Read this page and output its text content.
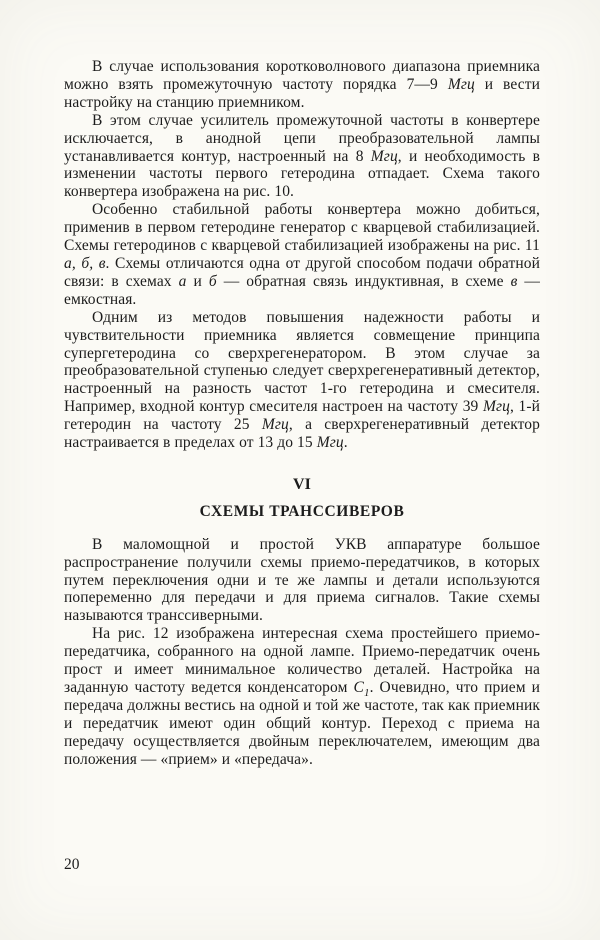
В случае использования коротковолнового диапазона приемника можно взять промежуточную частоту порядка 7—9 Мгц и вести настройку на станцию приемником.

В этом случае усилитель промежуточной частоты в конвертере исключается, в анодной цепи преобразовательной лампы устанавливается контур, настроенный на 8 Мгц, и необходимость в изменении частоты первого гетеродина отпадает. Схема такого конвертера изображена на рис. 10.

Особенно стабильной работы конвертера можно добиться, применив в первом гетеродине генератор с кварцевой стабилизацией. Схемы гетеродинов с кварцевой стабилизацией изображены на рис. 11 а, б, в. Схемы отличаются одна от другой способом подачи обратной связи: в схемах а и б — обратная связь индуктивная, в схеме в — емкостная.

Одним из методов повышения надежности работы и чувствительности приемника является совмещение принципа супергетеродина со сверхрегенератором. В этом случае за преобразовательной ступенью следует сверхрегенеративный детектор, настроенный на разность частот 1-го гетеродина и смесителя. Например, входной контур смесителя настроен на частоту 39 Мгц, 1-й гетеродин на частоту 25 Мгц, а сверхрегенеративный детектор настраивается в пределах от 13 до 15 Мгц.

VI
СХЕМЫ ТРАНССИВЕРОВ

В маломощной и простой УКВ аппаратуре большое распространение получили схемы приемо-передатчиков, в которых путем переключения одни и те же лампы и детали используются попеременно для передачи и для приема сигналов. Такие схемы называются транссиверными.

На рис. 12 изображена интересная схема простейшего приемо-передатчика, собранного на одной лампе. Приемо-передатчик очень прост и имеет минимальное количество деталей. Настройка на заданную частоту ведется конденсатором $C_1$. Очевидно, что прием и передача должны вестись на одной и той же частоте, так как приемник и передатчик имеют один общий контур. Переход с приема на передачу осуществляется двойным переключателем, имеющим два положения — «прием» и «передача».

20
